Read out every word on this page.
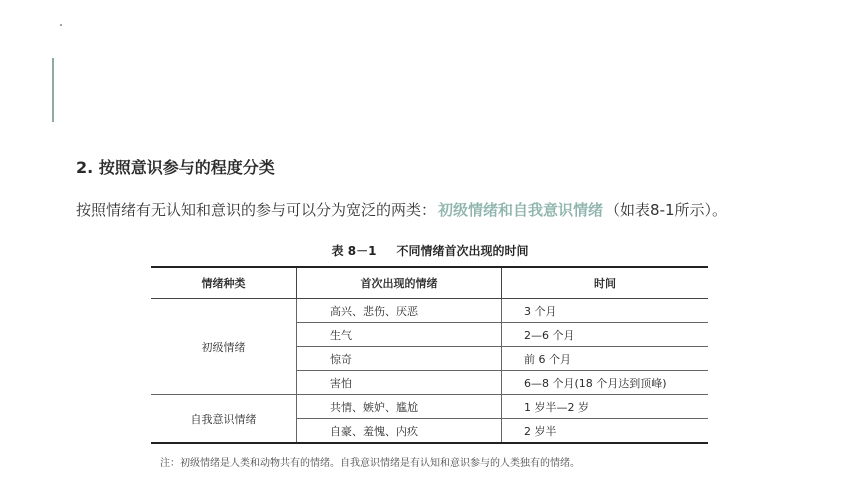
2. 按照意识参与的程度分类
按照情绪有无认知和意识的参与可以分为宽泛的两类： 初级情绪和自我意识情绪 （如表8-1所示）。
表 8－1 不同情绪首次出现的时间
情绪种类	首次出现的情绪	时间
初级情绪	高兴、悲伤、厌恶	3 个月
	生气	2—6 个月
	惊奇	前 6 个月
	害怕	6—8 个月(18 个月达到顶峰)
自我意识情绪	共情、嫉妒、尴尬	1 岁半—2 岁
	自豪、羞愧、内疚	2 岁半
注：初级情绪是人类和动物共有的情绪。自我意识情绪是有认知和意识参与的人类独有的情绪。
